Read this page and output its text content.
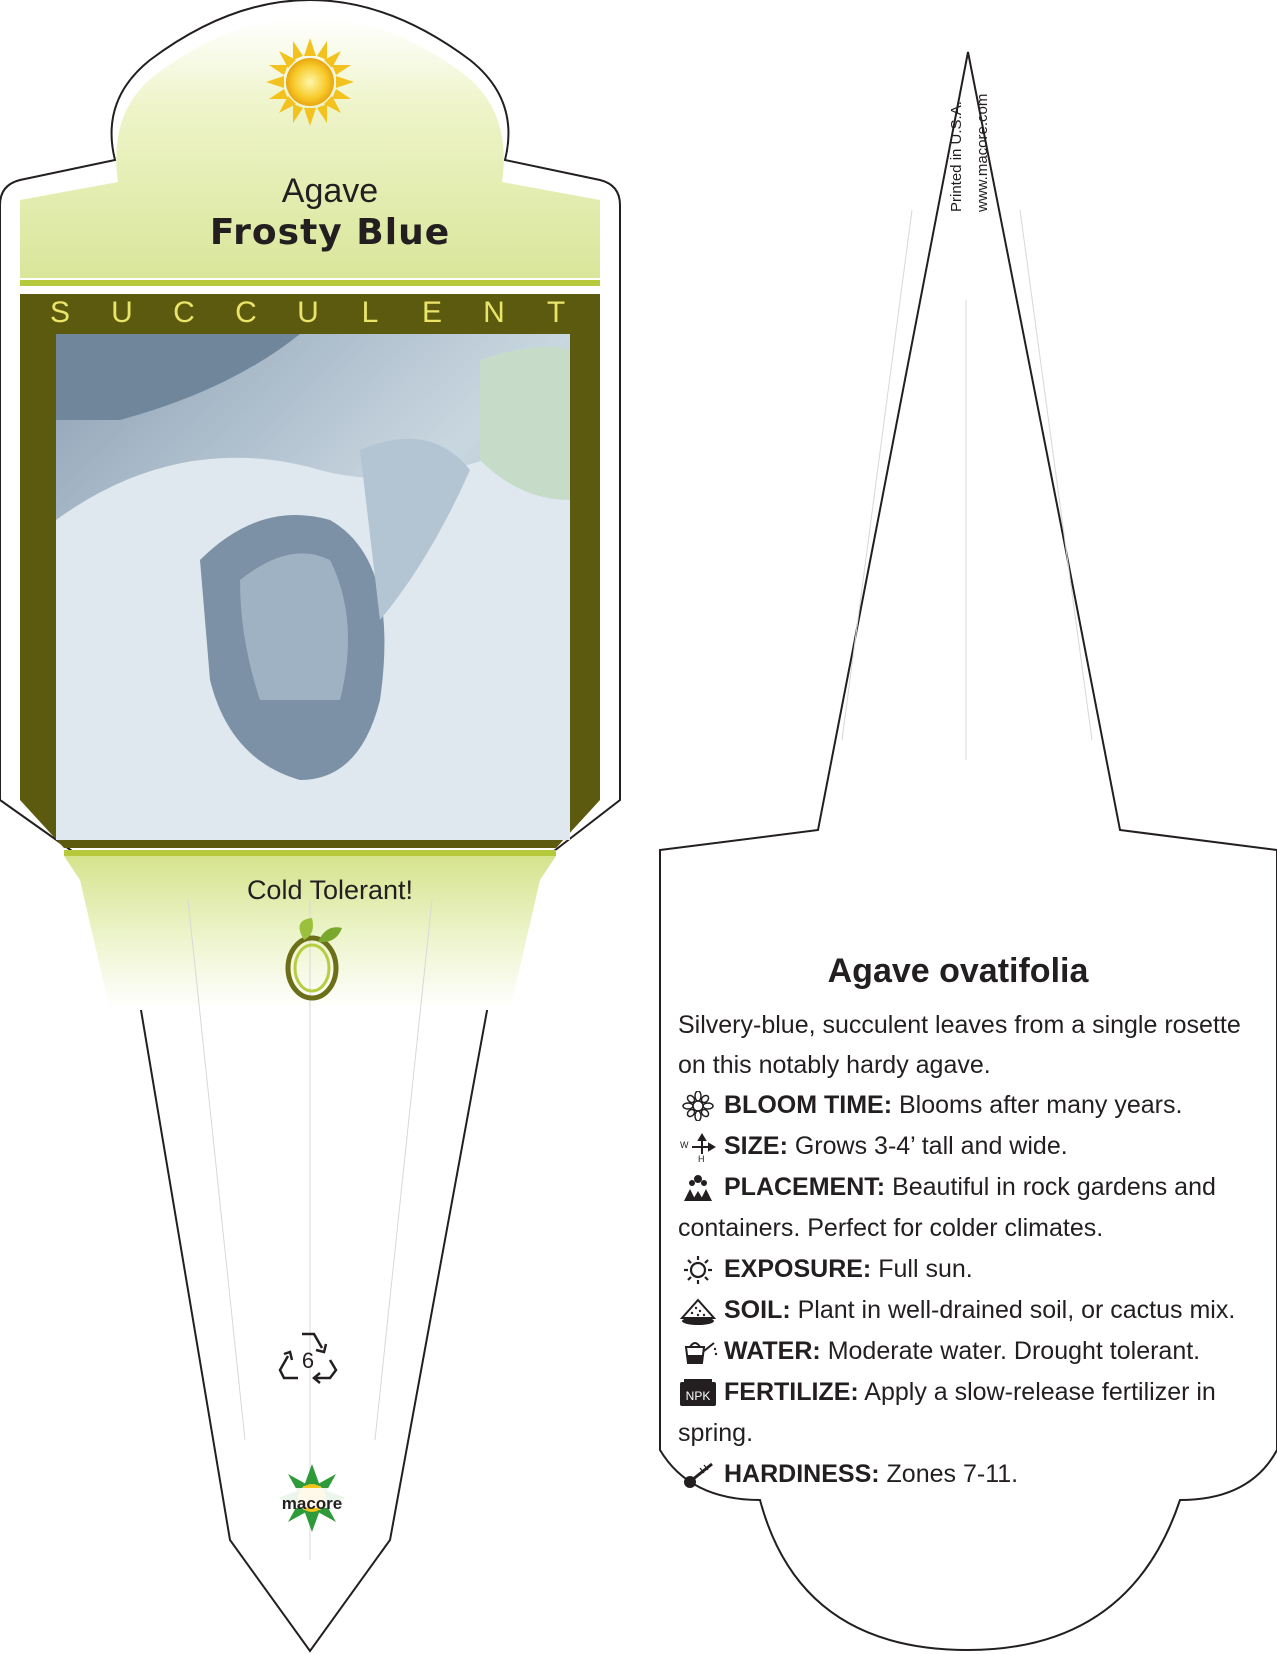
Agave
Frosty Blue
S U C C U L E N T
Cold Tolerant!
6
macore
Printed in U.S.A. www.macore.com
Agave ovatifolia
Silvery-blue, succulent leaves from a single rosette on this notably hardy agave.
BLOOM TIME: Blooms after many years.
W
H SIZE: Grows 3-4’ tall and wide.
PLACEMENT: Beautiful in rock gardens and containers. Perfect for colder climates.
EXPOSURE: Full sun.
SOIL: Plant in well-drained soil, or cactus mix.
WATER: Moderate water. Drought tolerant.
NPK FERTILIZE: Apply a slow-release fertilizer in spring.
HARDINESS: Zones 7-11.
